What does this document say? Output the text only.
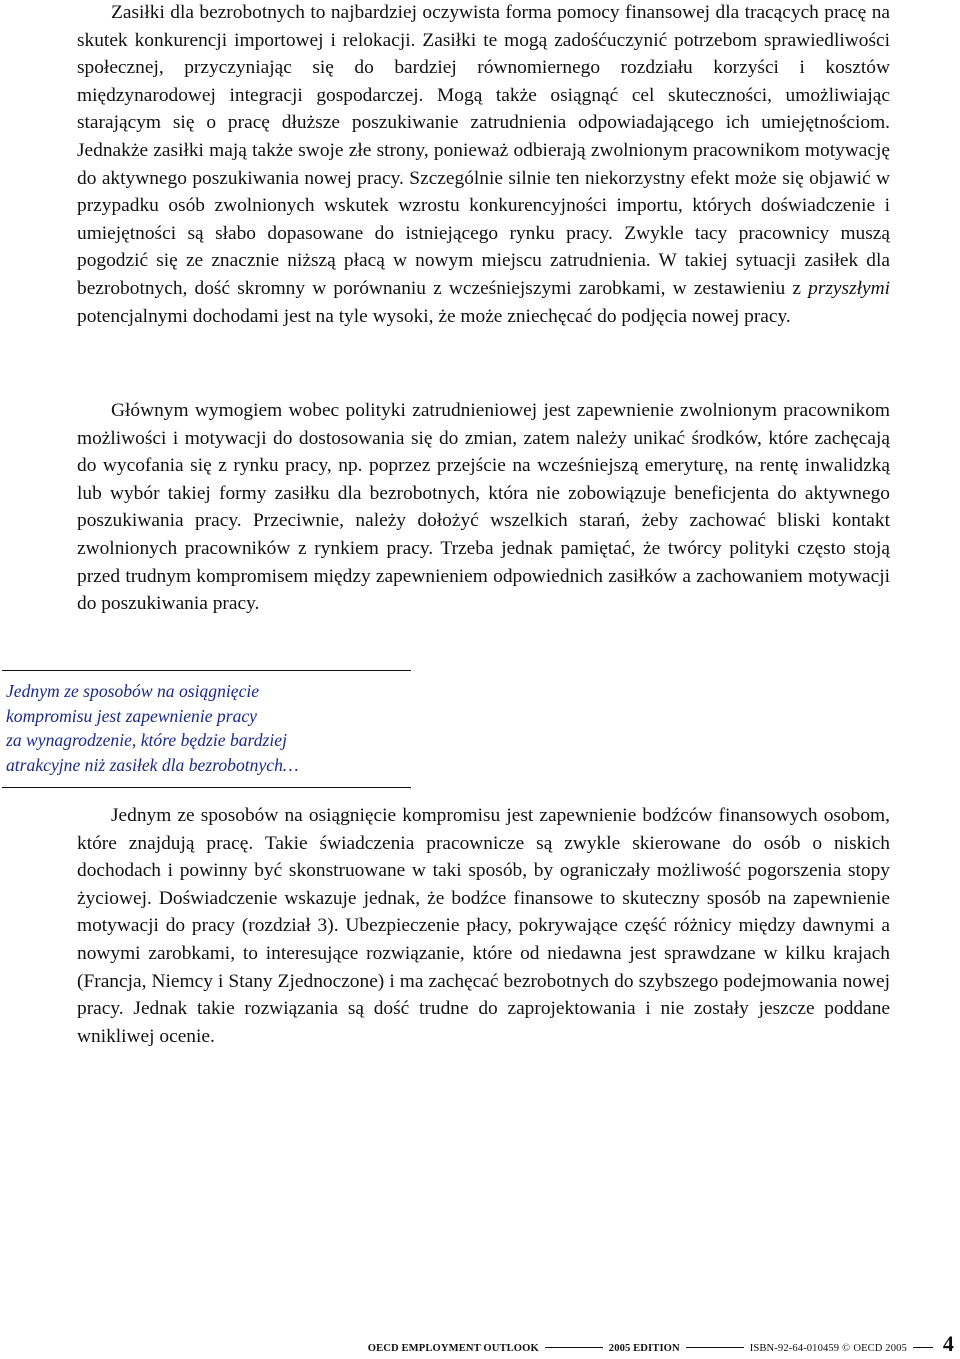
Zasiłki dla bezrobotnych to najbardziej oczywista forma pomocy finansowej dla tracących pracę na skutek konkurencji importowej i relokacji. Zasiłki te mogą zadośćuczynić potrzebom sprawiedliwości społecznej, przyczyniając się do bardziej równomiernego rozdziału korzyści i kosztów międzynarodowej integracji gospodarczej. Mogą także osiągnąć cel skuteczności, umożliwiając starającym się o pracę dłuższe poszukiwanie zatrudnienia odpowiadającego ich umiejętnościom. Jednakże zasiłki mają także swoje złe strony, ponieważ odbierają zwolnionym pracownikom motywację do aktywnego poszukiwania nowej pracy. Szczególnie silnie ten niekorzystny efekt może się objawić w przypadku osób zwolnionych wskutek wzrostu konkurencyjności importu, których doświadczenie i umiejętności są słabo dopasowane do istniejącego rynku pracy. Zwykle tacy pracownicy muszą pogodzić się ze znacznie niższą płacą w nowym miejscu zatrudnienia. W takiej sytuacji zasiłek dla bezrobotnych, dość skromny w porównaniu z wcześniejszymi zarobkami, w zestawieniu z przyszłymi potencjalnymi dochodami jest na tyle wysoki, że może zniechęcać do podjęcia nowej pracy.

Głównym wymogiem wobec polityki zatrudnieniowej jest zapewnienie zwolnionym pracownikom możliwości i motywacji do dostosowania się do zmian, zatem należy unikać środków, które zachęcają do wycofania się z rynku pracy, np. poprzez przejście na wcześniejszą emeryturę, na rentę inwalidzką lub wybór takiej formy zasiłku dla bezrobotnych, która nie zobowiązuje beneficjenta do aktywnego poszukiwania pracy. Przeciwnie, należy dołożyć wszelkich starań, żeby zachować bliski kontakt zwolnionych pracowników z rynkiem pracy. Trzeba jednak pamiętać, że twórcy polityki często stoją przed trudnym kompromisem między zapewnieniem odpowiednich zasiłków a zachowaniem motywacji do poszukiwania pracy.

Jednym ze sposobów na osiągnięcie
kompromisu jest zapewnienie pracy
za wynagrodzenie, które będzie bardziej
atrakcyjne niż zasiłek dla bezrobotnych…

Jednym ze sposobów na osiągnięcie kompromisu jest zapewnienie bodźców finansowych osobom, które znajdują pracę. Takie świadczenia pracownicze są zwykle skierowane do osób o niskich dochodach i powinny być skonstruowane w taki sposób, by ograniczały możliwość pogorszenia stopy życiowej. Doświadczenie wskazuje jednak, że bodźce finansowe to skuteczny sposób na zapewnienie motywacji do pracy (rozdział 3). Ubezpieczenie płacy, pokrywające część różnicy między dawnymi a nowymi zarobkami, to interesujące rozwiązanie, które od niedawna jest sprawdzane w kilku krajach (Francja, Niemcy i Stany Zjednoczone) i ma zachęcać bezrobotnych do szybszego podejmowania nowej pracy. Jednak takie rozwiązania są dość trudne do zaprojektowania i nie zostały jeszcze poddane wnikliwej ocenie.

OECD EMPLOYMENT OUTLOOK	2005 EDITION	ISBN-92-64-010459 © OECD 2005 4
